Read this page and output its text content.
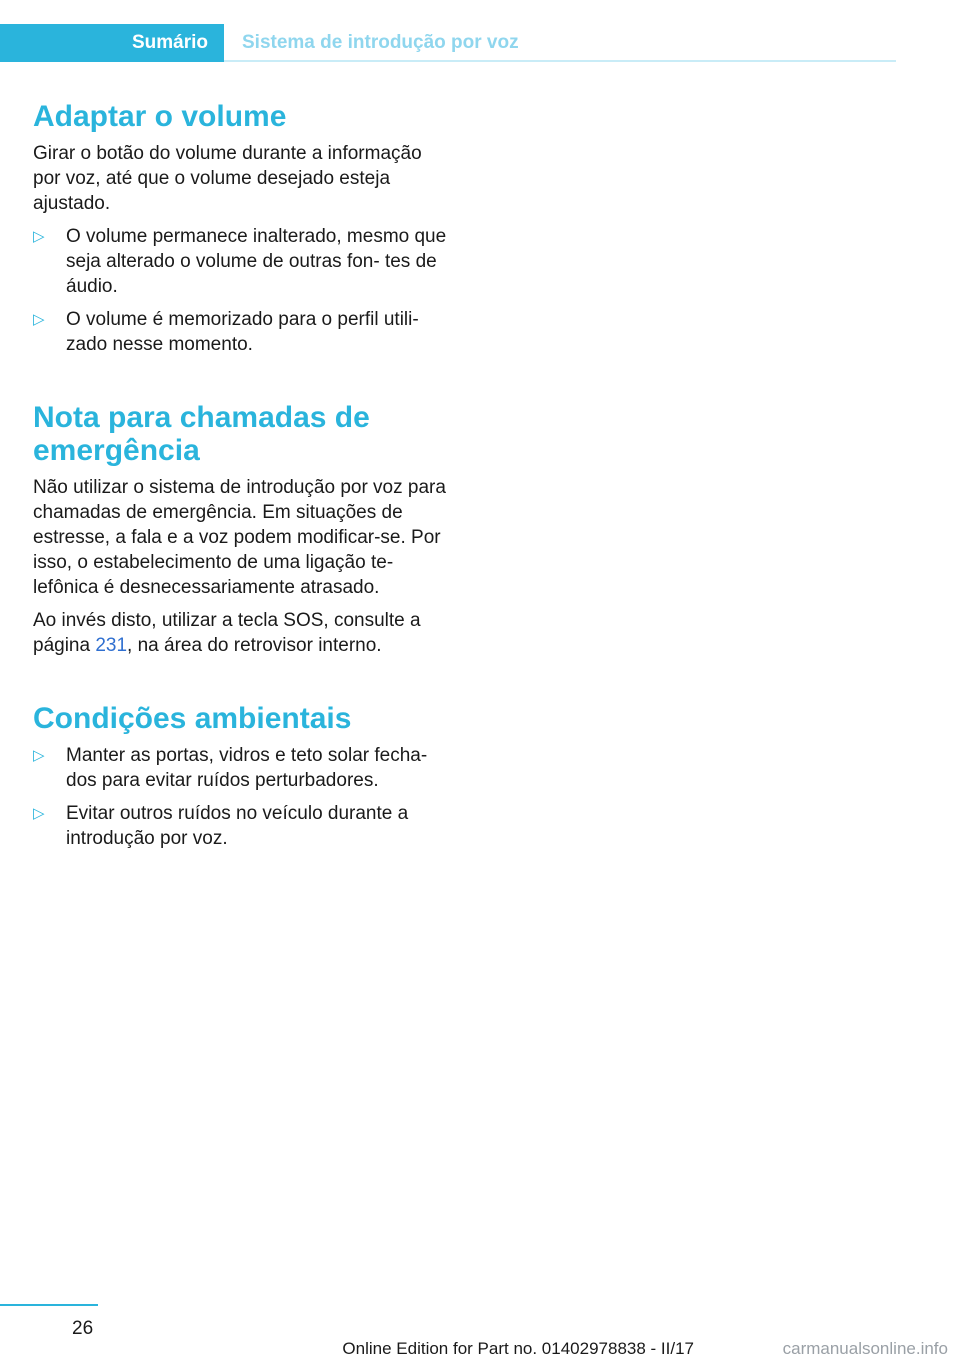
Sumário	Sistema de introdução por voz
Adaptar o volume

Girar o botão do volume durante a informação por voz, até que o volume desejado esteja ajustado.

▷ O volume permanece inalterado, mesmo que seja alterado o volume de outras fon‐ tes de áudio.
▷ O volume é memorizado para o perfil utili‐ zado nesse momento.
Nota para chamadas de emergência

Não utilizar o sistema de introdução por voz para chamadas de emergência. Em situações de estresse, a fala e a voz podem modificar-se. Por isso, o estabelecimento de uma ligação te‐ lefônica é desnecessariamente atrasado.

Ao invés disto, utilizar a tecla SOS, consulte a página 231, na área do retrovisor interno.

Condições ambientais
▷ Manter as portas, vidros e teto solar fecha‐ dos para evitar ruídos perturbadores.
▷ Evitar outros ruídos no veículo durante a introdução por voz.
26
Online Edition for Part no. 01402978838 - II/17	carmanualsonline.info
